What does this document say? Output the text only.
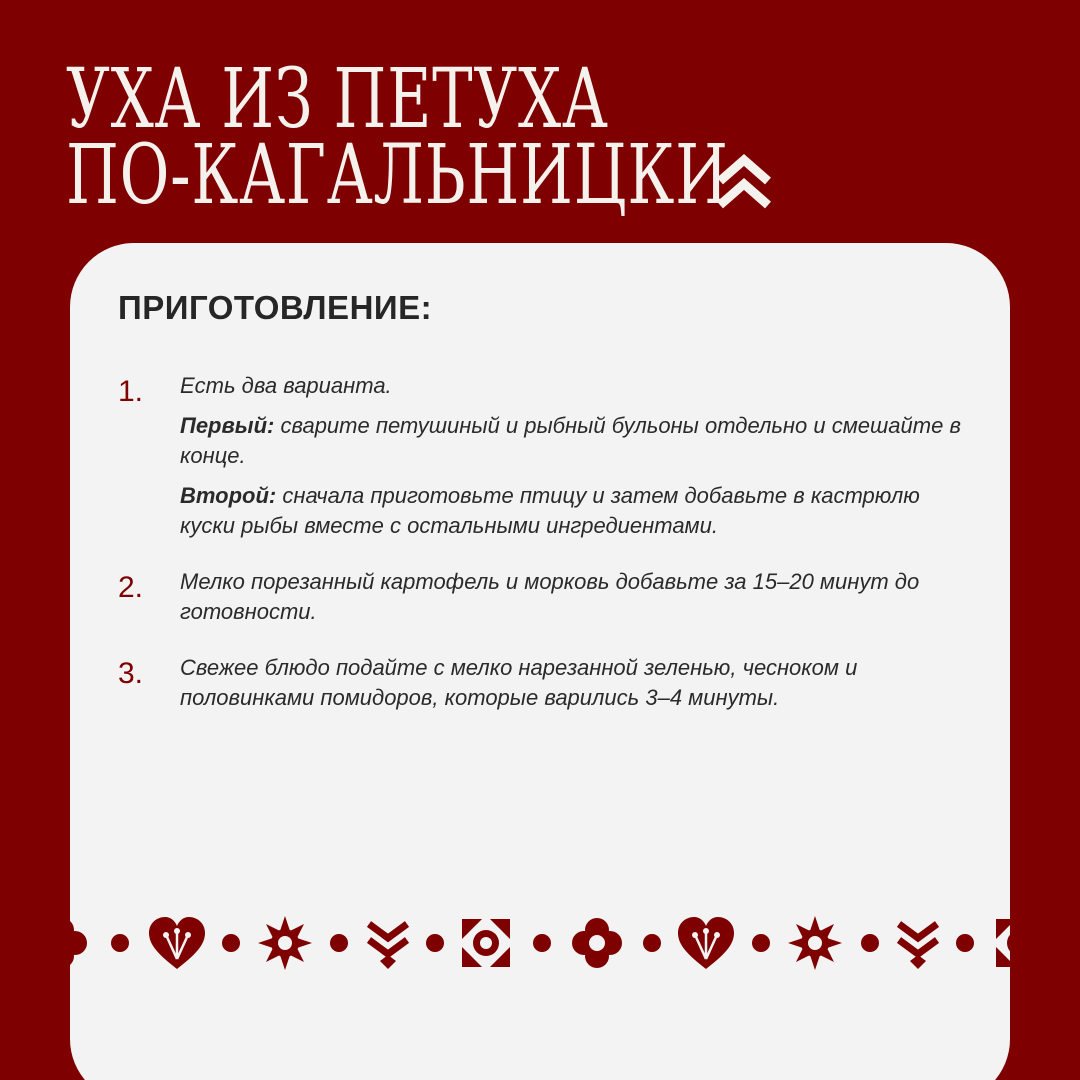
УХА ИЗ ПЕТУХА
ПО-КАГАЛЬНИЦКИ
ПРИГОТОВЛЕНИЕ:
1.	Есть два варианта.

Первый: сварите петушиный и рыбный бульоны отдельно и смешайте в конце.

Второй: сначала приготовьте птицу и затем добавьте в кастрюлю куски рыбы вместе с остальными ингредиентами.

2.	Мелко порезанный картофель и морковь добавьте за 15–20 минут до готовности.

3.	Свежее блюдо подайте с мелко нарезанной зеленью, чесноком и половинками помидоров, которые варились 3–4 минуты.
